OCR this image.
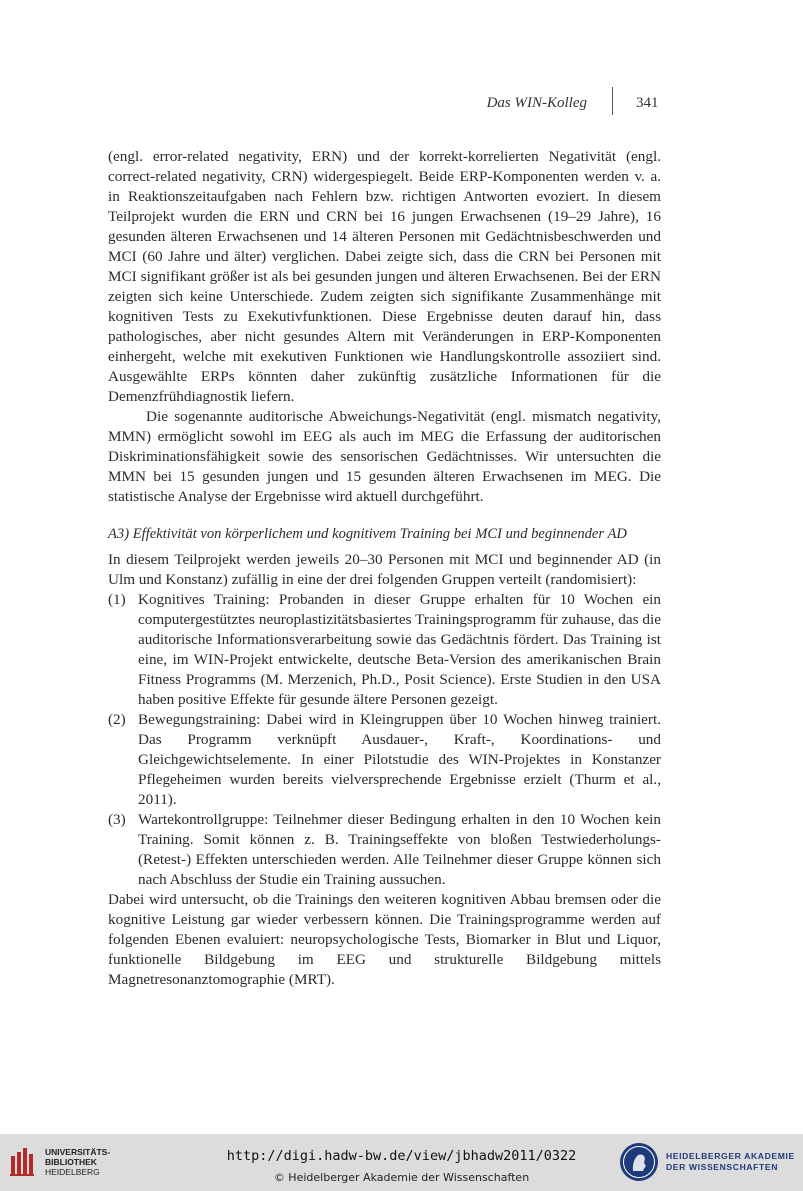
Das WIN-Kolleg	341

(engl. error-related negativity, ERN) und der korrekt-korrelierten Negativität (engl. correct-related negativity, CRN) widergespiegelt. Beide ERP-Komponenten werden v. a. in Reaktionszeitaufgaben nach Fehlern bzw. richtigen Antworten evoziert. In diesem Teilprojekt wurden die ERN und CRN bei 16 jungen Erwachsenen (19–29 Jahre), 16 gesunden älteren Erwachsenen und 14 älteren Personen mit Gedächtnisbeschwerden und MCI (60 Jahre und älter) verglichen. Dabei zeigte sich, dass die CRN bei Personen mit MCI signifikant größer ist als bei gesunden jungen und älteren Erwachsenen. Bei der ERN zeigten sich keine Unterschiede. Zudem zeigten sich signifikante Zusammenhänge mit kognitiven Tests zu Exekutivfunktionen. Diese Ergebnisse deuten darauf hin, dass pathologisches, aber nicht gesundes Altern mit Veränderungen in ERP-Komponenten einhergeht, welche mit exekutiven Funktionen wie Handlungskontrolle assoziiert sind. Ausgewählte ERPs könnten daher zukünftig zusätzliche Informationen für die Demenzfrühdiagnostik liefern.

Die sogenannte auditorische Abweichungs-Negativität (engl. mismatch negativity, MMN) ermöglicht sowohl im EEG als auch im MEG die Erfassung der auditorischen Diskriminationsfähigkeit sowie des sensorischen Gedächtnisses. Wir untersuchten die MMN bei 15 gesunden jungen und 15 gesunden älteren Erwachsenen im MEG. Die statistische Analyse der Ergebnisse wird aktuell durchgeführt.

A3) Effektivität von körperlichem und kognitivem Training bei MCI und beginnender AD

In diesem Teilprojekt werden jeweils 20–30 Personen mit MCI und beginnender AD (in Ulm und Konstanz) zufällig in eine der drei folgenden Gruppen verteilt (randomisiert):

(1) Kognitives Training: Probanden in dieser Gruppe erhalten für 10 Wochen ein computergestütztes neuroplastizitätsbasiertes Trainingsprogramm für zuhause, das die auditorische Informationsverarbeitung sowie das Gedächtnis fördert. Das Training ist eine, im WIN-Projekt entwickelte, deutsche Beta-Version des amerikanischen Brain Fitness Programms (M. Merzenich, Ph.D., Posit Science). Erste Studien in den USA haben positive Effekte für gesunde ältere Personen gezeigt.
(2) Bewegungstraining: Dabei wird in Kleingruppen über 10 Wochen hinweg trainiert. Das Programm verknüpft Ausdauer-, Kraft-, Koordinations- und Gleichgewichtselemente. In einer Pilotstudie des WIN-Projektes in Konstanzer Pflegeheimen wurden bereits vielversprechende Ergebnisse erzielt (Thurm et al., 2011).
(3) Wartekontrollgruppe: Teilnehmer dieser Bedingung erhalten in den 10 Wochen kein Training. Somit können z. B. Trainingseffekte von bloßen Testwiederholungs- (Retest-) Effekten unterschieden werden. Alle Teilnehmer dieser Gruppe können sich nach Abschluss der Studie ein Training aussuchen.

Dabei wird untersucht, ob die Trainings den weiteren kognitiven Abbau bremsen oder die kognitive Leistung gar wieder verbessern können. Die Trainingsprogramme werden auf folgenden Ebenen evaluiert: neuropsychologische Tests, Biomarker in Blut und Liquor, funktionelle Bildgebung im EEG und strukturelle Bildgebung mittels Magnetresonanztomographie (MRT).

UNIVERSITÄTS-
BIBLIOTHEK
HEIDELBERG
http://digi.hadw-bw.de/view/jbhadw2011/0322
© Heidelberger Akademie der Wissenschaften
HEIDELBERGER AKADEMIE
DER WISSENSCHAFTEN
